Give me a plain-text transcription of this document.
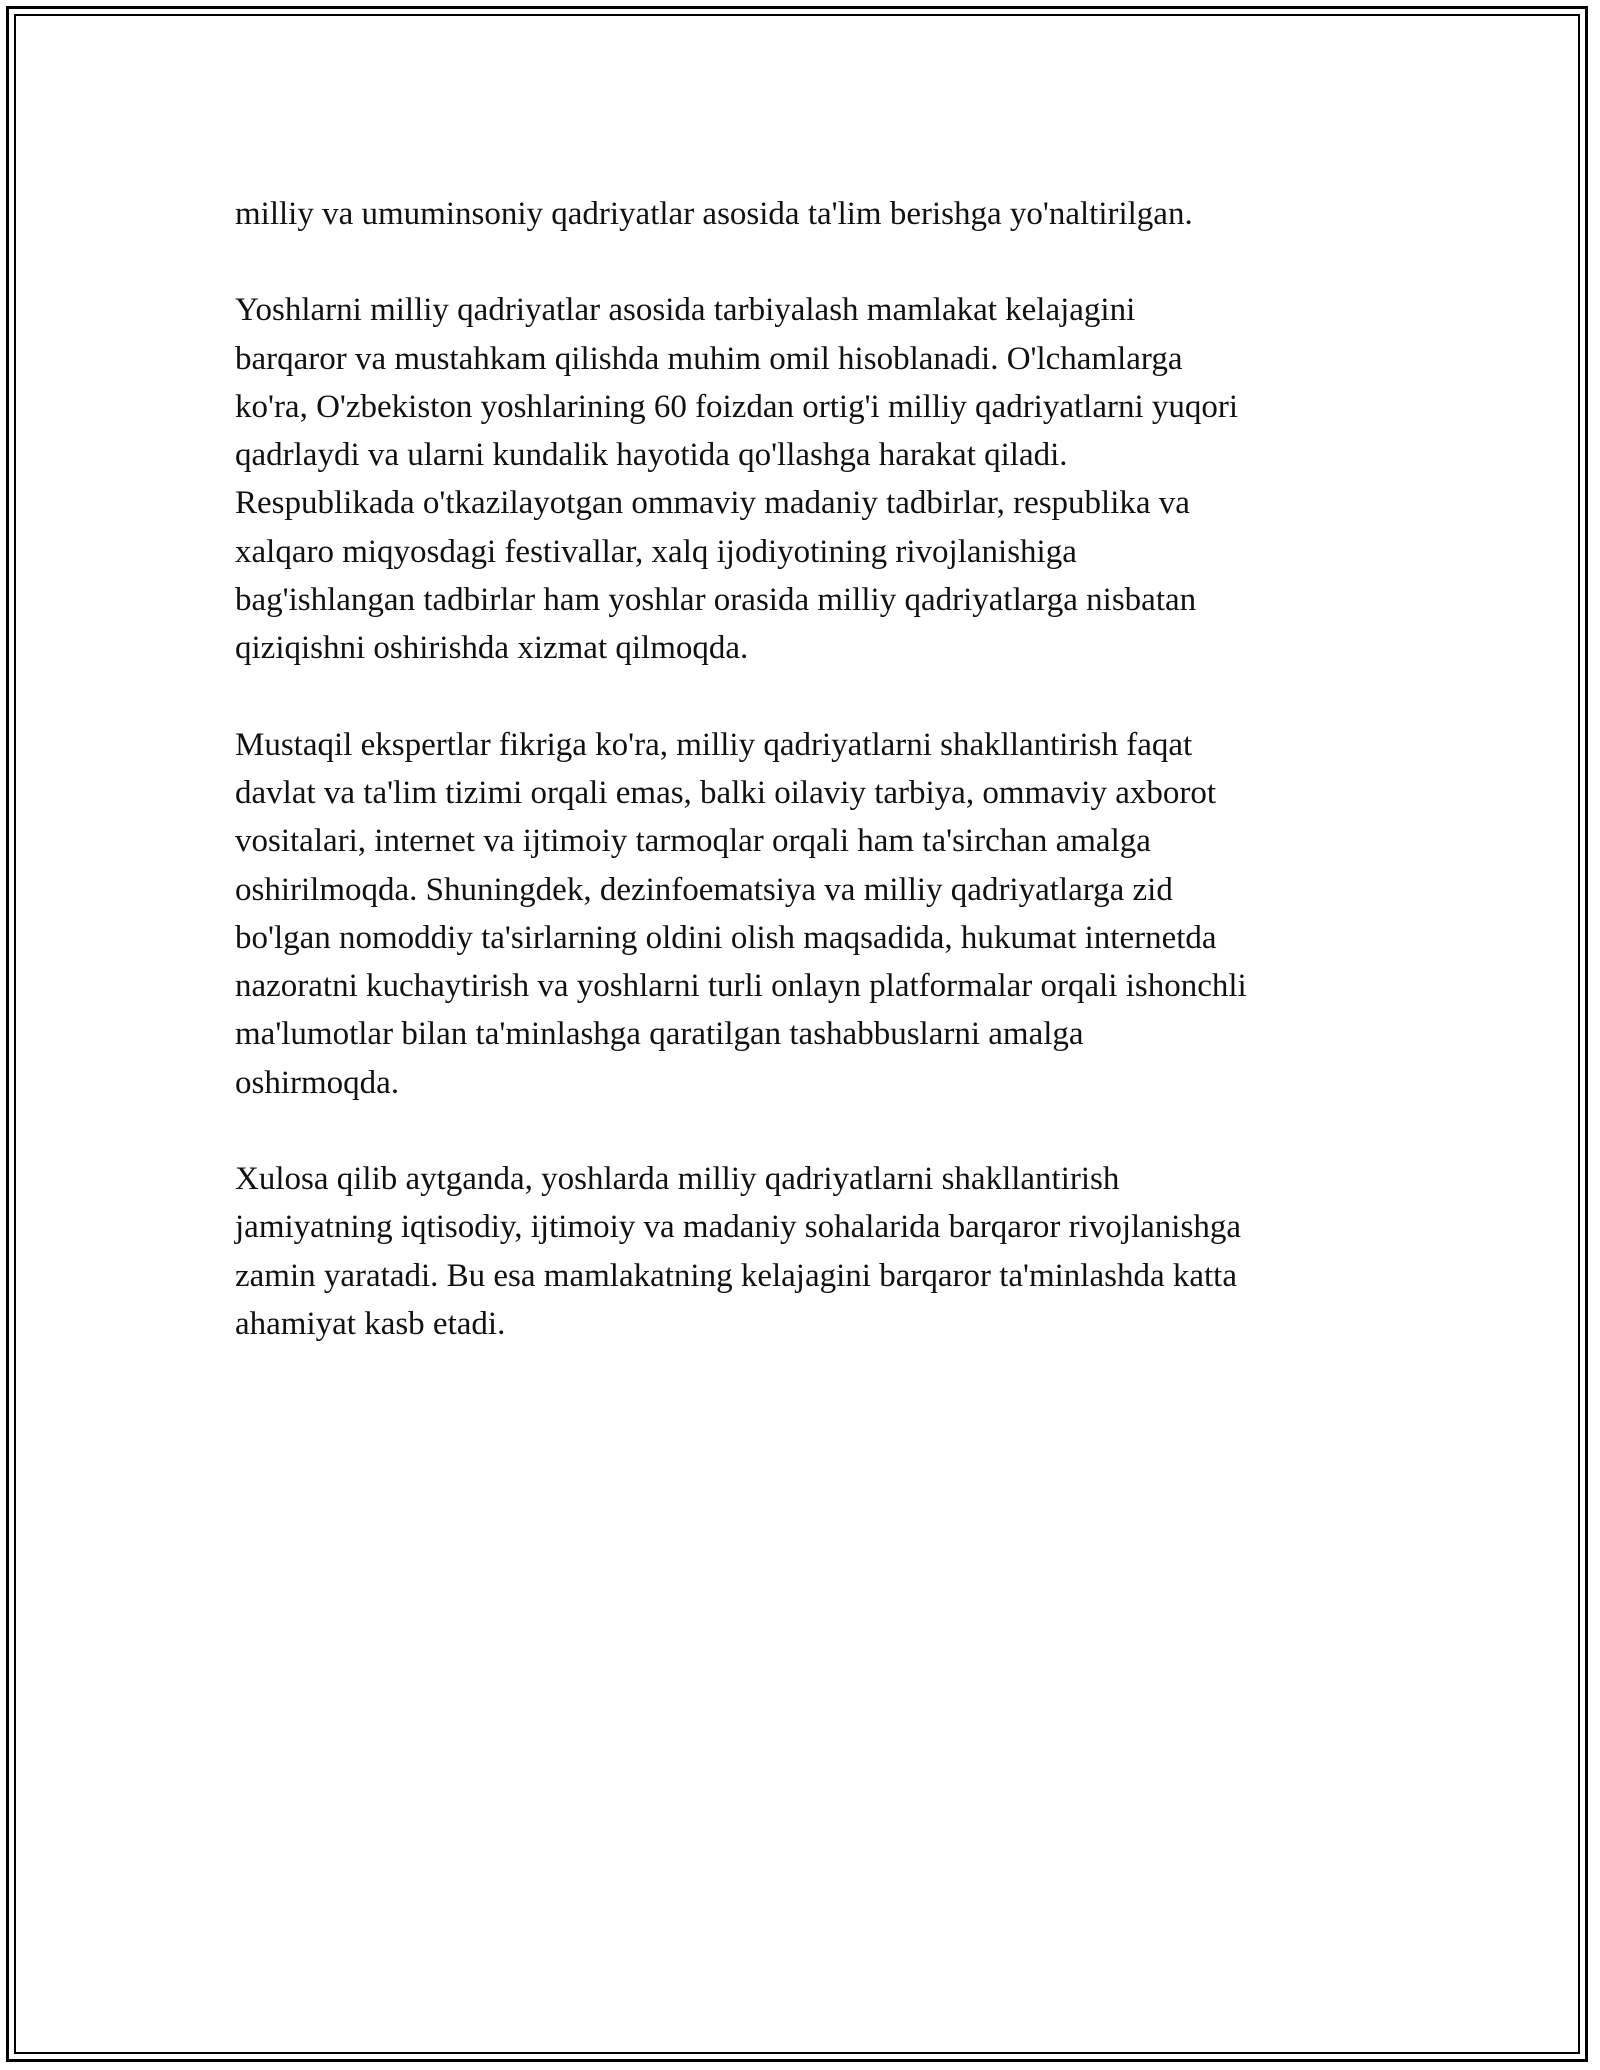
milliy va umuminsoniy qadriyatlar asosida ta'lim berishga yo'naltirilgan.

Yoshlarni milliy qadriyatlar asosida tarbiyalash mamlakat kelajagini
barqaror va mustahkam qilishda muhim omil hisoblanadi. O'lchamlarga
ko'ra, O'zbekiston yoshlarining 60 foizdan ortig'i milliy qadriyatlarni yuqori
qadrlaydi va ularni kundalik hayotida qo'llashga harakat qiladi.
Respublikada o'tkazilayotgan ommaviy madaniy tadbirlar, respublika va
xalqaro miqyosdagi festivallar, xalq ijodiyotining rivojlanishiga
bag'ishlangan tadbirlar ham yoshlar orasida milliy qadriyatlarga nisbatan
qiziqishni oshirishda xizmat qilmoqda.

Mustaqil ekspertlar fikriga ko'ra, milliy qadriyatlarni shakllantirish faqat
davlat va ta'lim tizimi orqali emas, balki oilaviy tarbiya, ommaviy axborot
vositalari, internet va ijtimoiy tarmoqlar orqali ham ta'sirchan amalga
oshirilmoqda. Shuningdek, dezinfoematsiya va milliy qadriyatlarga zid
bo'lgan nomoddiy ta'sirlarning oldini olish maqsadida, hukumat internetda
nazoratni kuchaytirish va yoshlarni turli onlayn platformalar orqali ishonchli
ma'lumotlar bilan ta'minlashga qaratilgan tashabbuslarni amalga
oshirmoqda.

Xulosa qilib aytganda, yoshlarda milliy qadriyatlarni shakllantirish
jamiyatning iqtisodiy, ijtimoiy va madaniy sohalarida barqaror rivojlanishga
zamin yaratadi. Bu esa mamlakatning kelajagini barqaror ta'minlashda katta
ahamiyat kasb etadi.
